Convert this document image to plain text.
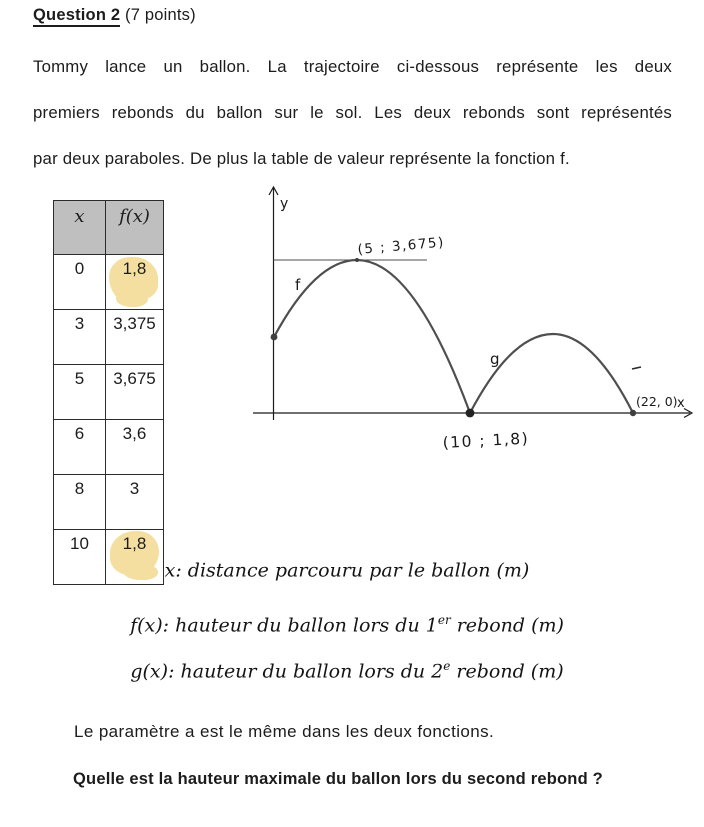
Question 2 (7 points)
Tommy lance un ballon. La trajectoire ci-dessous représente les deux
premiers rebonds du ballon sur le sol. Les deux rebonds sont représentés
par deux paraboles. De plus la table de valeur représente la fonction f.
x	f(x)
0	1,8
3	3,375
5	3,675
6	3,6
8	3
10	1,8
y
x
f
g
(22, 0)
(5 ; 3,675)
(10 ; 1,8)
x: distance parcouru par le ballon (m)
f(x): hauteur du ballon lors du 1er rebond (m)
g(x): hauteur du ballon lors du 2e rebond (m)
Le paramètre a est le même dans les deux fonctions.
Quelle est la hauteur maximale du ballon lors du second rebond ?
